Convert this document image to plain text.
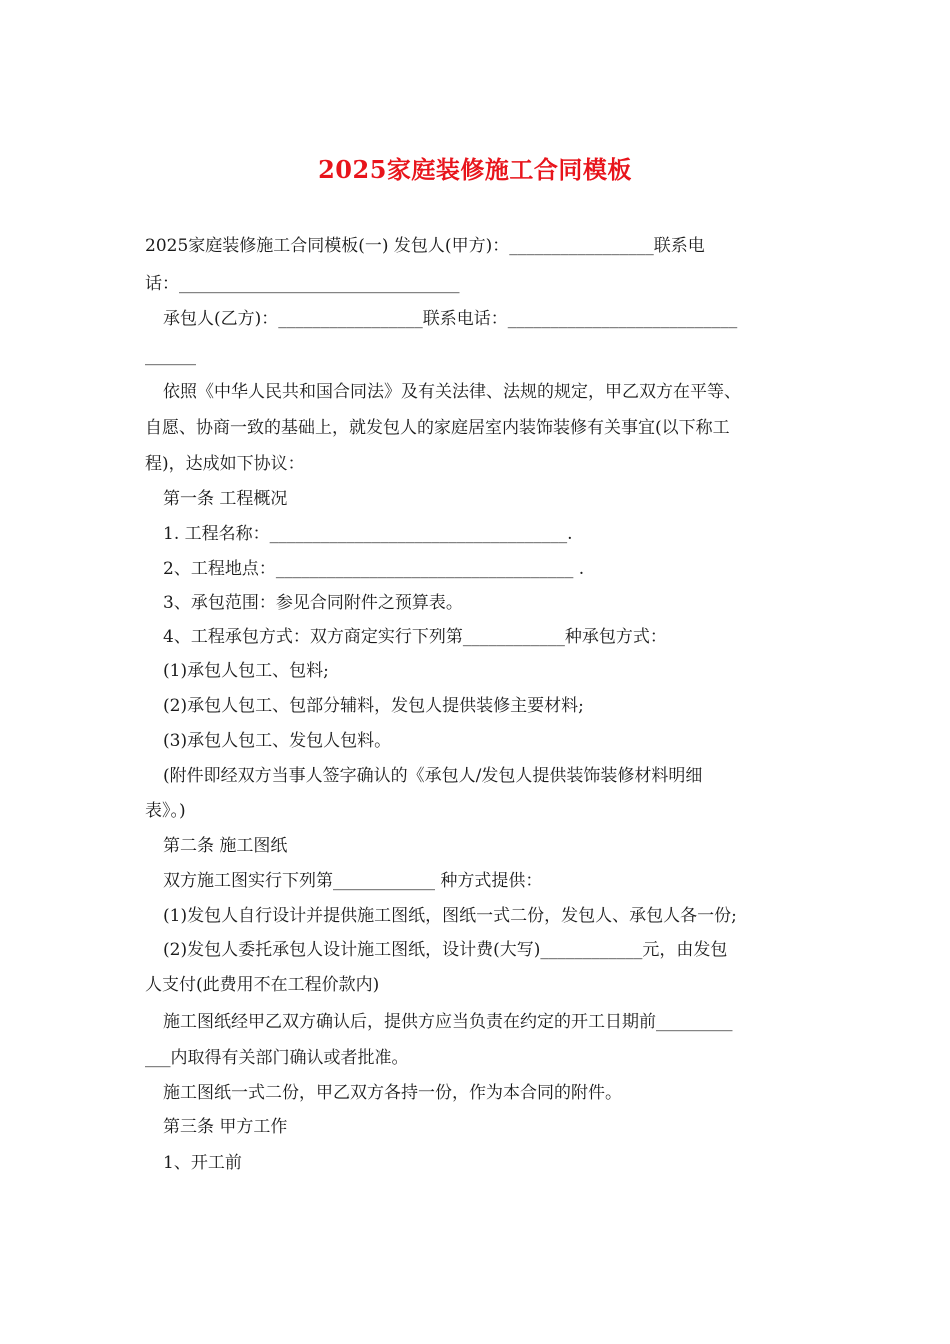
2025家庭装修施工合同模板
2025家庭装修施工合同模板(一) 发包人(甲方)：_________________联系电
话：_________________________________
承包人(乙方)：_________________联系电话：___________________________
______
依照《中华人民共和国合同法》及有关法律、法规的规定，甲乙双方在平等、
自愿、协商一致的基础上，就发包人的家庭居室内装饰装修有关事宜(以下称工
程)，达成如下协议：
第一条 工程概况
1. 工程名称：___________________________________.
2、工程地点：___________________________________ .
3、承包范围：参见合同附件之预算表。
4、工程承包方式：双方商定实行下列第____________种承包方式：
(1)承包人包工、包料;
(2)承包人包工、包部分辅料，发包人提供装修主要材料;
(3)承包人包工、发包人包料。
(附件即经双方当事人签字确认的《承包人/发包人提供装饰装修材料明细
表》。)
第二条 施工图纸
双方施工图实行下列第____________ 种方式提供：
(1)发包人自行设计并提供施工图纸，图纸一式二份，发包人、承包人各一份;
(2)发包人委托承包人设计施工图纸，设计费(大写)____________元，由发包
人支付(此费用不在工程价款内)
施工图纸经甲乙双方确认后，提供方应当负责在约定的开工日期前_________
___内取得有关部门确认或者批准。
施工图纸一式二份，甲乙双方各持一份，作为本合同的附件。
第三条 甲方工作
1、开工前
